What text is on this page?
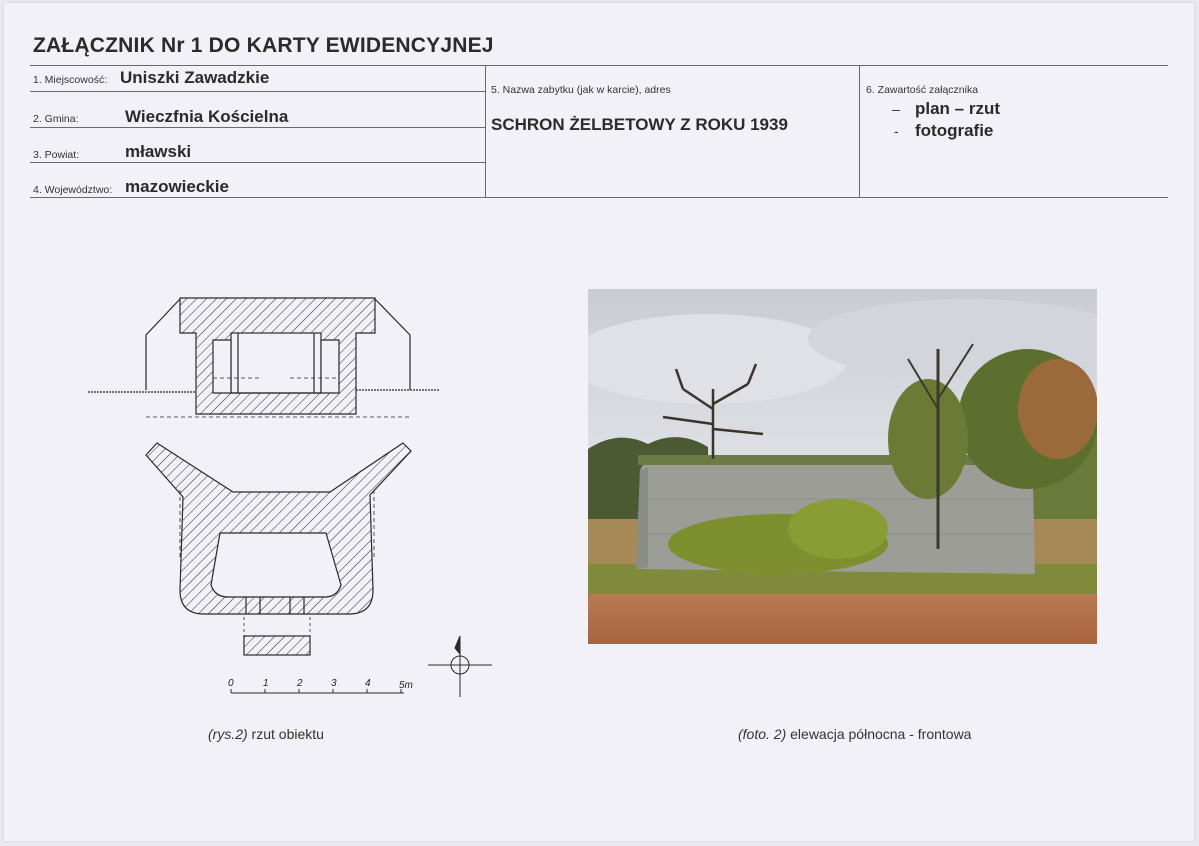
ZAŁĄCZNIK Nr 1 DO KARTY EWIDENCYJNEJ
1. Miejscowość: Uniszki Zawadzkie
2. Gmina:	Wieczfnia Kościelna
3. Powiat:	mławski
4. Województwo: mazowieckie
5. Nazwa zabytku (jak w karcie), adres
SCHRON ŻELBETOWY Z ROKU 1939
6. Zawartość załącznika
– plan – rzut
- fotografie
0	1	2	3	4	5m
(rys.2) rzut obiektu	(foto. 2) elewacja północna - frontowa
